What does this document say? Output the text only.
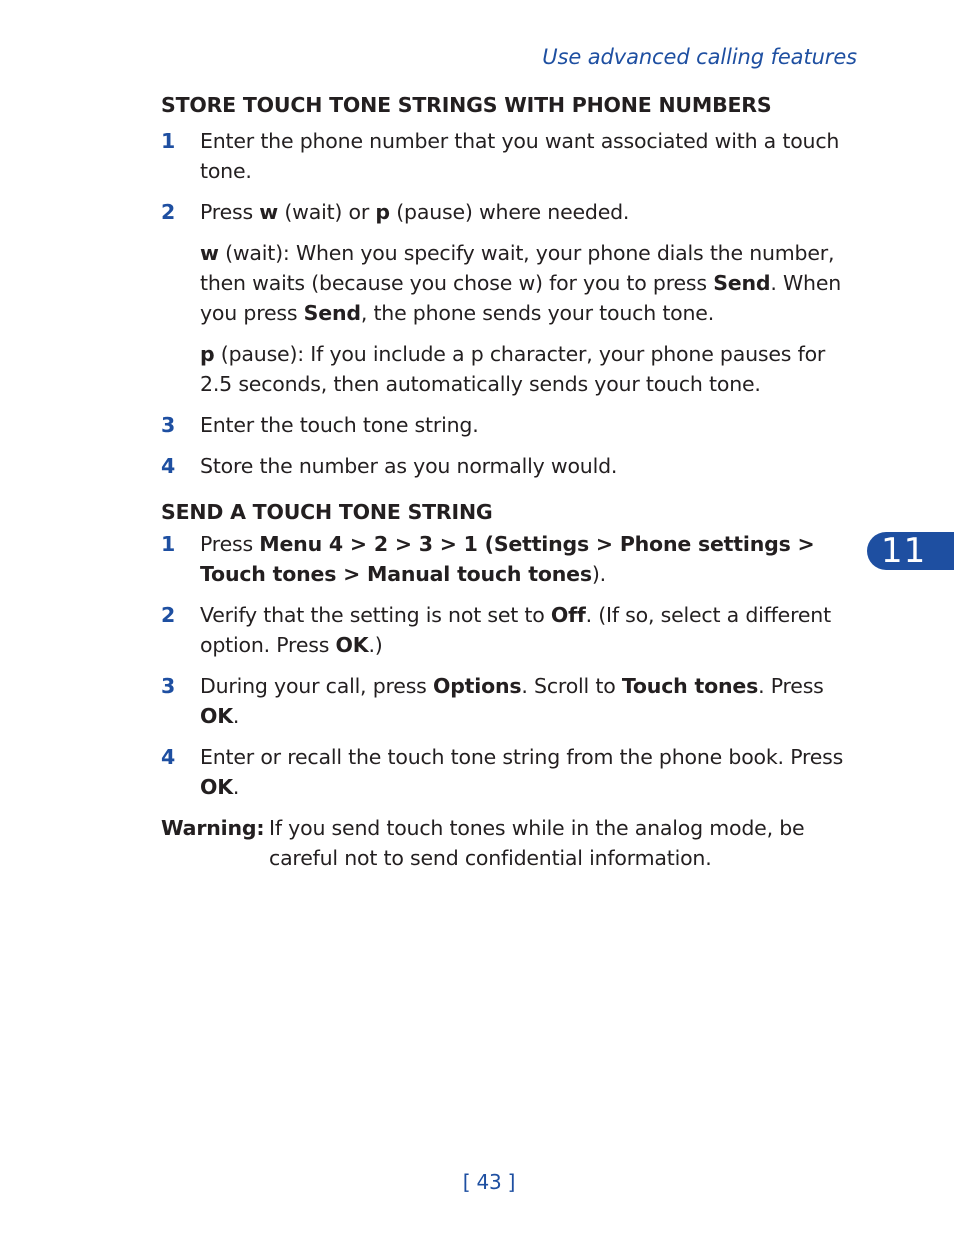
Use advanced calling features
STORE TOUCH TONE STRINGS WITH PHONE NUMBERS
1 Enter the phone number that you want associated with a touch tone.
2 Press w (wait) or p (pause) where needed.

w (wait): When you specify wait, your phone dials the number, then waits (because you chose w) for you to press Send. When you press Send, the phone sends your touch tone.

p (pause): If you include a p character, your phone pauses for 2.5 seconds, then automatically sends your touch tone.

3 Enter the touch tone string.
4 Store the number as you normally would.
SEND A TOUCH TONE STRING
1 Press Menu 4 > 2 > 3 > 1 (Settings > Phone settings > Touch tones > Manual touch tones).
2 Verify that the setting is not set to Off. (If so, select a different option. Press OK.)
3 During your call, press Options. Scroll to Touch tones. Press OK.
4 Enter or recall the touch tone string from the phone book. Press OK.
Warning: If you send touch tones while in the analog mode, be careful not to send confidential information.
11
[ 43 ]
